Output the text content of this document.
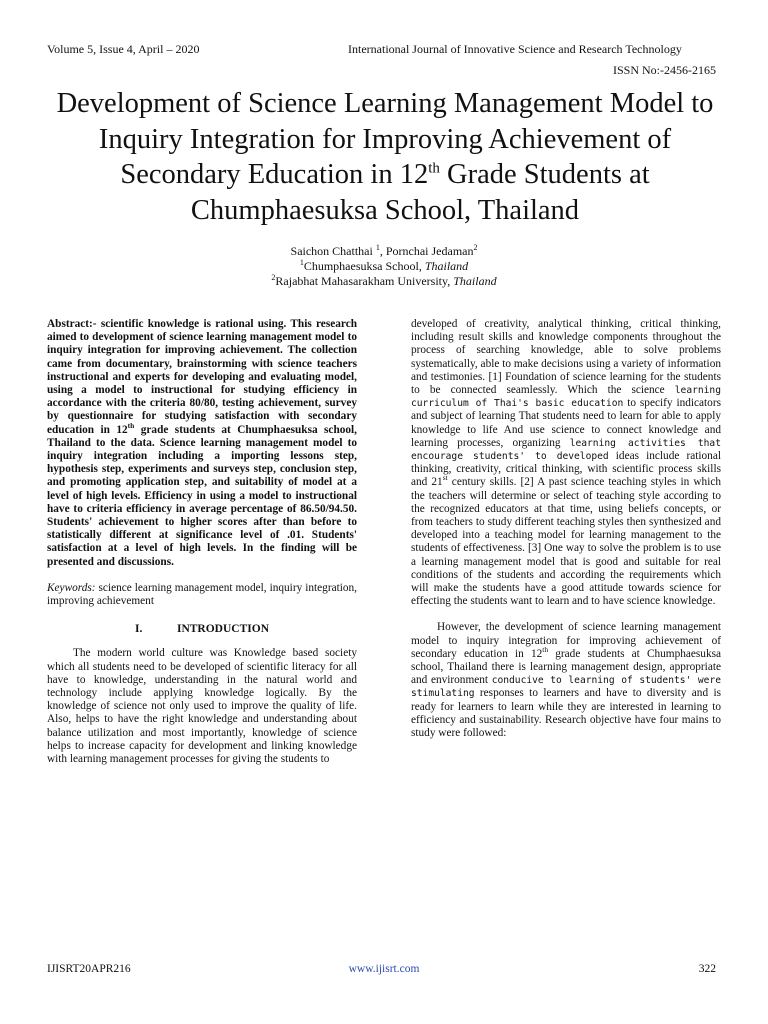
Volume 5, Issue 4, April – 2020	International Journal of Innovative Science and Research Technology
ISSN No:-2456-2165
Development of Science Learning Management Model to Inquiry Integration for Improving Achievement of Secondary Education in 12th Grade Students at Chumphaesuksa School, Thailand
Saichon Chatthai $^1$, Pornchai Jedaman$^2$
$^1$Chumphaesuksa School, Thailand
$^2$Rajabhat Mahasarakham University, Thailand

Abstract:- scientific knowledge is rational using. This research aimed to development of science learning management model to inquiry integration for improving achievement. The collection came from documentary, brainstorming with science teachers instructional and experts for developing and evaluating model, using a model to instructional for studying efficiency in accordance with the criteria 80/80, testing achievement, survey by questionnaire for studying satisfaction with secondary education in 12th grade students at Chumphaesuksa school, Thailand to the data. Science learning management model to inquiry integration including a importing lessons step, hypothesis step, experiments and surveys step, conclusion step, and promoting application step, and suitability of model at a level of high levels. Efficiency in using a model to instructional have to criteria efficiency in average percentage of 86.50/94.50. Students' achievement to higher scores after than before to statistically different at significance level of .01. Students' satisfaction at a level of high levels. In the finding will be presented and discussions.

Keywords: science learning management model, inquiry integration, improving achievement

I.	INTRODUCTION

The modern world culture was Knowledge based society which all students need to be developed of scientific literacy for all have to knowledge, understanding in the natural world and technology include applying knowledge logically. By the knowledge of science not only used to improve the quality of life. Also, helps to have the right knowledge and understanding about balance utilization and most importantly, knowledge of science helps to increase capacity for development and linking knowledge with learning management processes for giving the students to

developed of creativity, analytical thinking, critical thinking, including result skills and knowledge components throughout the process of searching knowledge, able to solve problems systematically, able to make decisions using a variety of information and testimonies. [1] Foundation of science learning for the students to be connected seamlessly. Which the science learning curriculum of Thai's basic education to specify indicators and subject of learning That students need to learn for able to apply knowledge to life And use science to connect knowledge and learning processes, organizing learning activities that encourage students' to developed ideas include rational thinking, creativity, critical thinking, with scientific process skills and 21st century skills. [2] A past science teaching styles in which the teachers will determine or select of teaching style according to the recognized educators at that time, using beliefs concepts, or from teachers to study different teaching styles then synthesized and developed into a teaching model for learning management to the students of effectiveness. [3] One way to solve the problem is to use a learning management model that is good and suitable for real conditions of the students and according the requirements which will make the students have a good attitude towards science for effecting the students want to learn and to have science knowledge.

However, the development of science learning management model to inquiry integration for improving achievement of secondary education in 12th grade students at Chumphaesuksa school, Thailand there is learning management design, appropriate and environment conducive to learning of students' were stimulating responses to learners and have to diversity and is ready for learners to learn while they are interested in learning to efficiency and sustainability. Research objective have four mains to study were followed:

IJISRT20APR216	www.ijisrt.com	322
